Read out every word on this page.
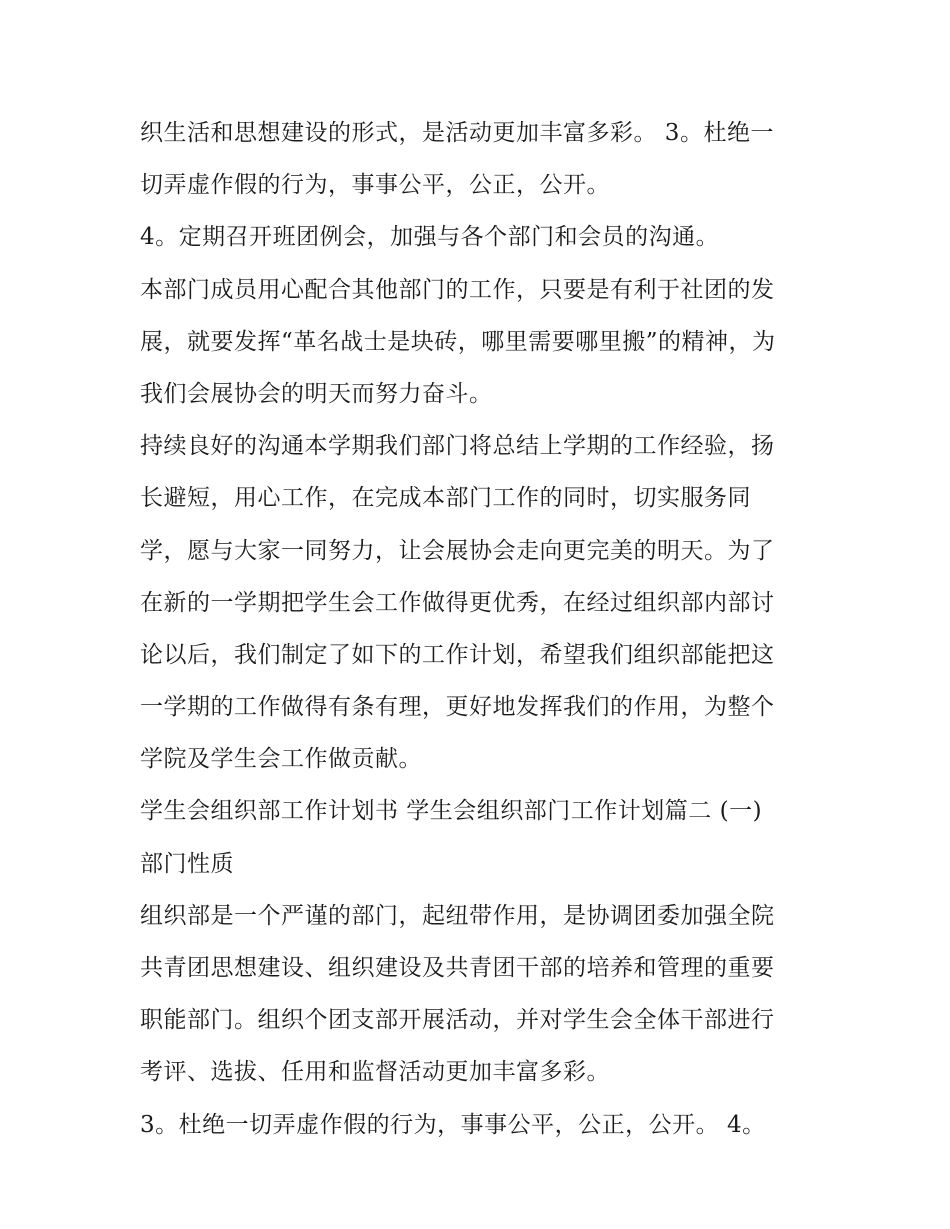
织生活和思想建设的形式，是活动更加丰富多彩。 3。杜绝一
切弄虚作假的行为，事事公平，公正，公开。
4。定期召开班团例会，加强与各个部门和会员的沟通。
本部门成员用心配合其他部门的工作，只要是有利于社团的发
展，就要发挥“革名战士是块砖，哪里需要哪里搬”的精神，为
我们会展协会的明天而努力奋斗。
持续良好的沟通本学期我们部门将总结上学期的工作经验，扬
长避短，用心工作，在完成本部门工作的同时，切实服务同
学，愿与大家一同努力，让会展协会走向更完美的明天。为了
在新的一学期把学生会工作做得更优秀，在经过组织部内部讨
论以后，我们制定了如下的工作计划，希望我们组织部能把这
一学期的工作做得有条有理，更好地发挥我们的作用，为整个
学院及学生会工作做贡献。
学生会组织部工作计划书 学生会组织部门工作计划篇二 (一)
部门性质
组织部是一个严谨的部门，起纽带作用，是协调团委加强全院
共青团思想建设、组织建设及共青团干部的培养和管理的重要
职能部门。组织个团支部开展活动，并对学生会全体干部进行
考评、选拔、任用和监督活动更加丰富多彩。
3。杜绝一切弄虚作假的行为，事事公平，公正，公开。 4。
